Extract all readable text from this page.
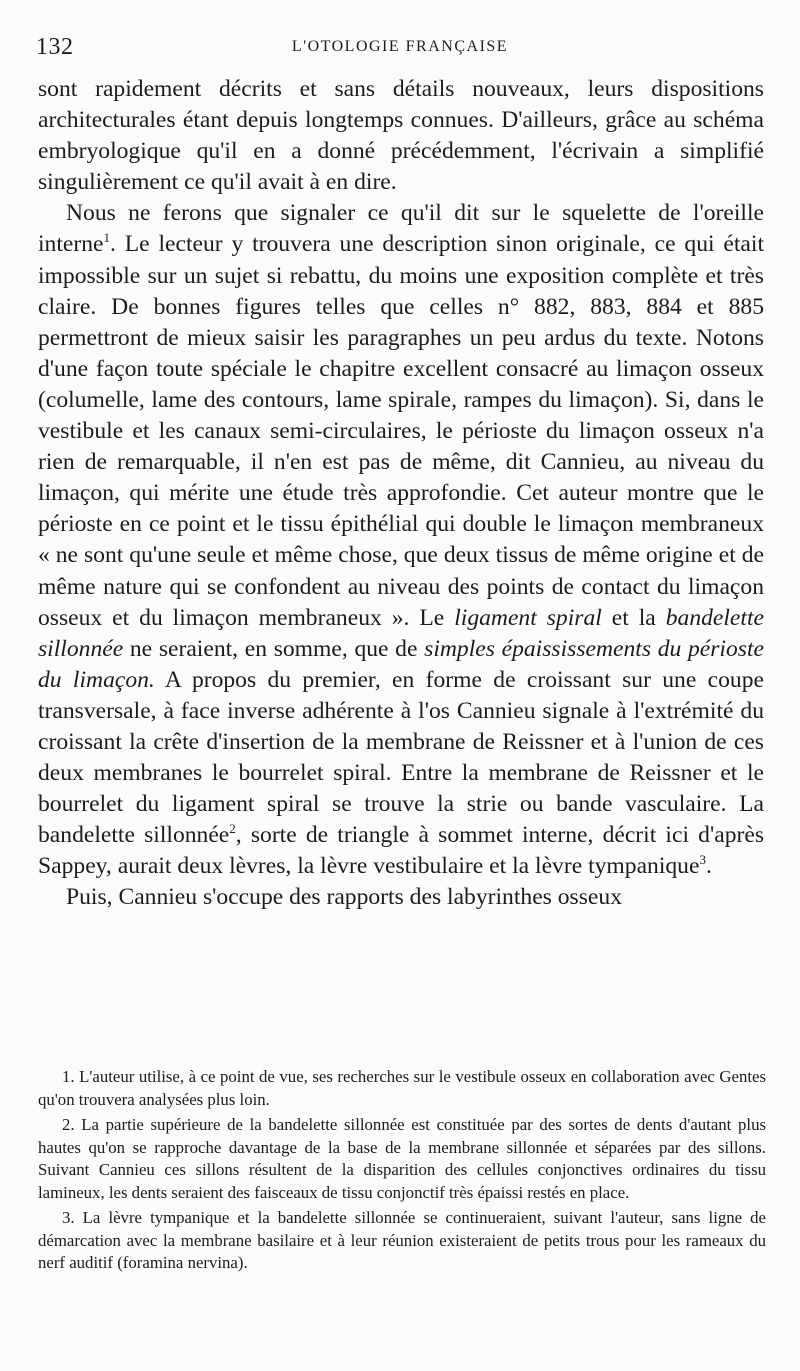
132	L'OTOLOGIE FRANÇAISE

sont rapidement décrits et sans détails nouveaux, leurs dispositions architecturales étant depuis longtemps connues. D'ailleurs, grâce au schéma embryologique qu'il en a donné précédemment, l'écrivain a simplifié singulièrement ce qu'il avait à en dire.

Nous ne ferons que signaler ce qu'il dit sur le squelette de l'oreille interne$^1$. Le lecteur y trouvera une description sinon originale, ce qui était impossible sur un sujet si rebattu, du moins une exposition complète et très claire. De bonnes figures telles que celles n° 882, 883, 884 et 885 permettront de mieux saisir les paragraphes un peu ardus du texte. Notons d'une façon toute spéciale le chapitre excellent consacré au limaçon osseux (columelle, lame des contours, lame spirale, rampes du limaçon). Si, dans le vestibule et les canaux semi-circulaires, le périoste du limaçon osseux n'a rien de remarquable, il n'en est pas de même, dit Cannieu, au niveau du limaçon, qui mérite une étude très approfondie. Cet auteur montre que le périoste en ce point et le tissu épithélial qui double le limaçon membraneux « ne sont qu'une seule et même chose, que deux tissus de même origine et de même nature qui se confondent au niveau des points de contact du limaçon osseux et du limaçon membraneux ». Le ligament spiral et la bandelette sillonnée ne seraient, en somme, que de simples épaississements du périoste du limaçon. A propos du premier, en forme de croissant sur une coupe transversale, à face inverse adhérente à l'os Cannieu signale à l'extrémité du croissant la crête d'insertion de la membrane de Reissner et à l'union de ces deux membranes le bourrelet spiral. Entre la membrane de Reissner et le bourrelet du ligament spiral se trouve la strie ou bande vasculaire. La bandelette sillonnée$^2$, sorte de triangle à sommet interne, décrit ici d'après Sappey, aurait deux lèvres, la lèvre vestibulaire et la lèvre tympanique$^3$.

Puis, Cannieu s'occupe des rapports des labyrinthes osseux

1. L'auteur utilise, à ce point de vue, ses recherches sur le vestibule osseux en collaboration avec Gentes qu'on trouvera analysées plus loin.

2. La partie supérieure de la bandelette sillonnée est constituée par des sortes de dents d'autant plus hautes qu'on se rapproche davantage de la base de la membrane sillonnée et séparées par des sillons. Suivant Cannieu ces sillons résultent de la disparition des cellules conjonctives ordinaires du tissu lamineux, les dents seraient des faisceaux de tissu conjonctif très épaissi restés en place.

3. La lèvre tympanique et la bandelette sillonnée se continueraient, suivant l'auteur, sans ligne de démarcation avec la membrane basilaire et à leur réunion existeraient de petits trous pour les rameaux du nerf auditif (foramina nervina).
